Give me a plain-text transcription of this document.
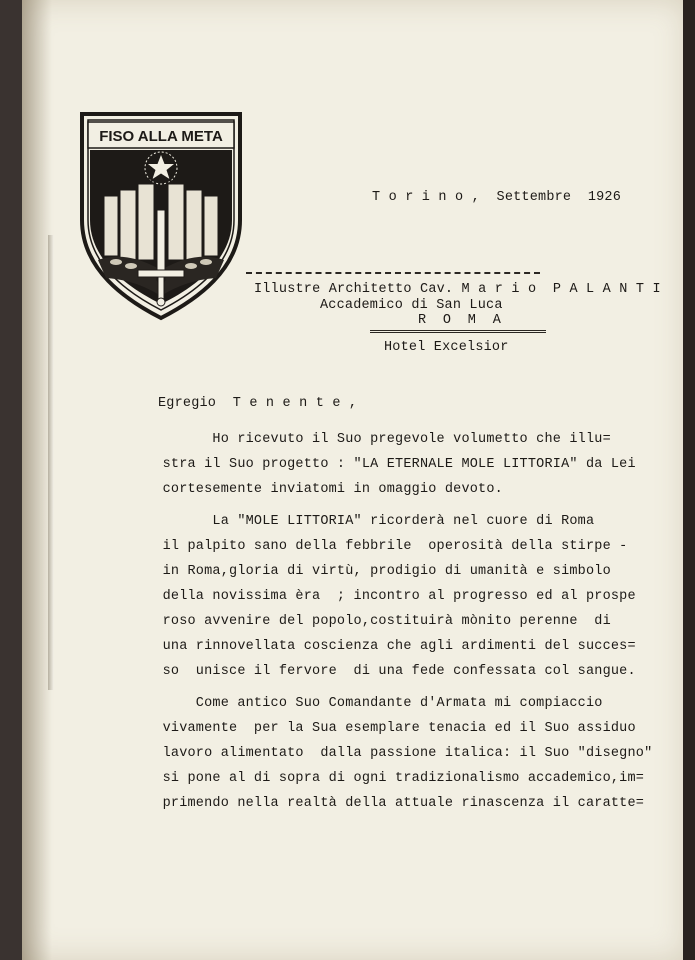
FISO ALLA META
T o r i n o ,  Settembre  1926
Illustre Architetto Cav. M a r i o  P A L A N T I
Accademico di San Luca
R  O  M  A
Hotel Excelsior
Egregio  T e n e n t e ,
Ho ricevuto il Suo pregevole volumetto che illu=
stra il Suo progetto : "LA ETERNALE MOLE LITTORIA" da Lei
cortesemente inviatomi in omaggio devoto.
La "MOLE LITTORIA" ricorderà nel cuore di Roma
il palpito sano della febbrile  operosità della stirpe -
in Roma,gloria di virtù, prodigio di umanità e simbolo
della novissima èra  ; incontro al progresso ed al prospe
roso avvenire del popolo,costituirà mònito perenne  di
una rinnovellata coscienza che agli ardimenti del succes=
so  unisce il fervore  di una fede confessata col sangue.
Come antico Suo Comandante d'Armata mi compiaccio
vivamente  per la Sua esemplare tenacia ed il Suo assiduo
lavoro alimentato  dalla passione italica: il Suo "disegno"
si pone al di sopra di ogni tradizionalismo accademico,im=
primendo nella realtà della attuale rinascenza il caratte=
